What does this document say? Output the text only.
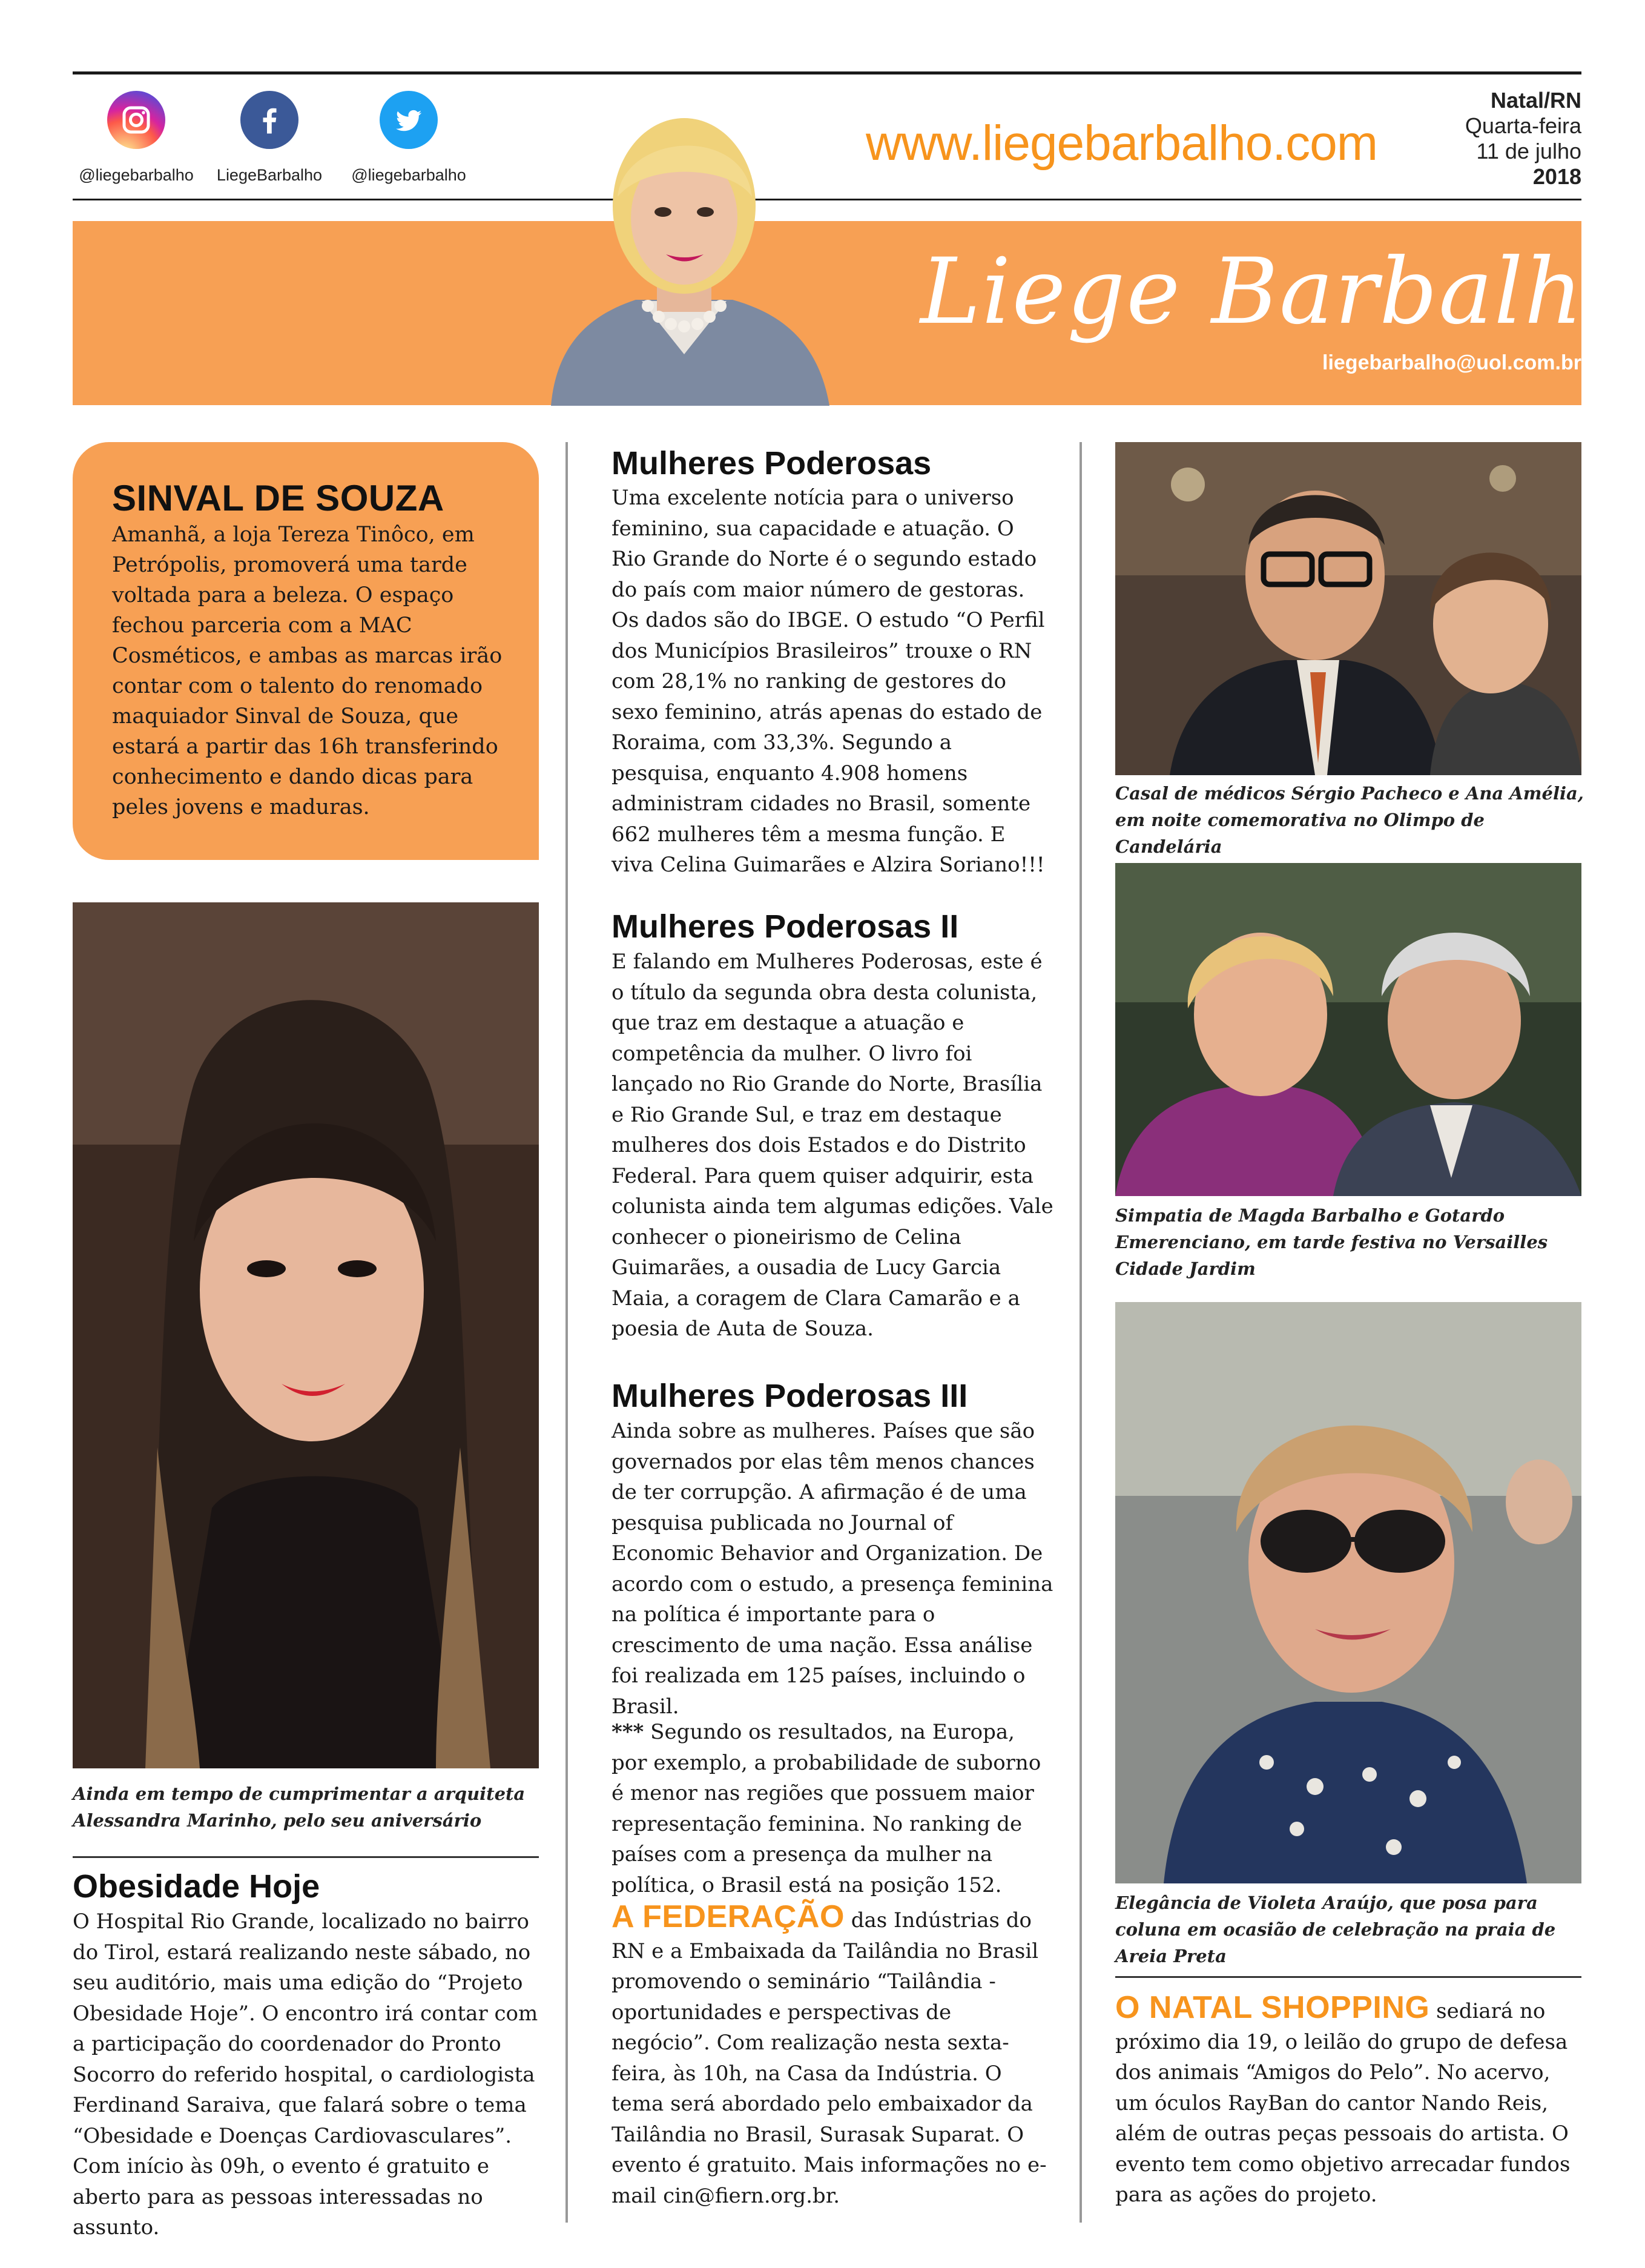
@liegebarbalho	LiegeBarbalho	@liegebarbalho
www.liegebarbalho.com
Natal/RN
Quarta-feira
11 de julho
2018
Liege Barbalho
liegebarbalho@uol.com.br
SINVAL DE SOUZA

Amanhã, a loja Tereza Tinôco, em Petrópolis, promoverá uma tarde voltada para a beleza. O espaço fechou parceria com a MAC Cosméticos, e ambas as marcas irão contar com o talento do renomado maquiador Sinval de Souza, que estará a partir das 16h transferindo conhecimento e dando dicas para peles jovens e maduras.

Ainda em tempo de cumprimentar a arquiteta Alessandra Marinho, pelo seu aniversário
Obesidade Hoje
O Hospital Rio Grande, localizado no bairro do Tirol, estará realizando neste sábado, no seu auditório, mais uma edição do “Projeto Obesidade Hoje”. O encontro irá contar com a participação do coordenador do Pronto Socorro do referido hospital, o cardiologista Ferdinand Saraiva, que falará sobre o tema “Obesidade e Doenças Cardiovasculares”. Com início às 09h, o evento é gratuito e aberto para as pessoas interessadas no assunto.
Mulheres Poderosas
Uma excelente notícia para o universo feminino, sua capacidade e atuação. O Rio Grande do Norte é o segundo estado do país com maior número de gestoras. Os dados são do IBGE. O estudo “O Perfil dos Municípios Brasileiros” trouxe o RN com 28,1% no ranking de gestores do sexo feminino, atrás apenas do estado de Roraima, com 33,3%. Segundo a pesquisa, enquanto 4.908 homens administram cidades no Brasil, somente 662 mulheres têm a mesma função. E viva Celina Guimarães e Alzira Soriano!!!
Mulheres Poderosas II
E falando em Mulheres Poderosas, este é o título da segunda obra desta colunista, que traz em destaque a atuação e competência da mulher. O livro foi lançado no Rio Grande do Norte, Brasília e Rio Grande Sul, e traz em destaque mulheres dos dois Estados e do Distrito Federal. Para quem quiser adquirir, esta colunista ainda tem algumas edições. Vale conhecer o pioneirismo de Celina Guimarães, a ousadia de Lucy Garcia Maia, a coragem de Clara Camarão e a poesia de Auta de Souza.
Mulheres Poderosas III
Ainda sobre as mulheres. Países que são governados por elas têm menos chances de ter corrupção. A afirmação é de uma pesquisa publicada no Journal of Economic Behavior and Organization. De acordo com o estudo, a presença feminina na política é importante para o crescimento de uma nação. Essa análise foi realizada em 125 países, incluindo o Brasil.
*** Segundo os resultados, na Europa, por exemplo, a probabilidade de suborno é menor nas regiões que possuem maior representação feminina. No ranking de países com a presença da mulher na política, o Brasil está na posição 152.
A FEDERAÇÃO das Indústrias do RN e a Embaixada da Tailândia no Brasil promovendo o seminário “Tailândia - oportunidades e perspectivas de negócio”. Com realização nesta sexta-feira, às 10h, na Casa da Indústria. O tema será abordado pelo embaixador da Tailândia no Brasil, Surasak Suparat. O evento é gratuito. Mais informações no e-mail cin@fiern.org.br.
Casal de médicos Sérgio Pacheco e Ana Amélia, em noite comemorativa no Olimpo de Candelária
Simpatia de Magda Barbalho e Gotardo Emerenciano, em tarde festiva no Versailles Cidade Jardim
Elegância de Violeta Araújo, que posa para coluna em ocasião de celebração na praia de Areia Preta
O NATAL SHOPPING sediará no próximo dia 19, o leilão do grupo de defesa dos animais “Amigos do Pelo”. No acervo, um óculos RayBan do cantor Nando Reis, além de outras peças pessoais do artista. O evento tem como objetivo arrecadar fundos para as ações do projeto.
